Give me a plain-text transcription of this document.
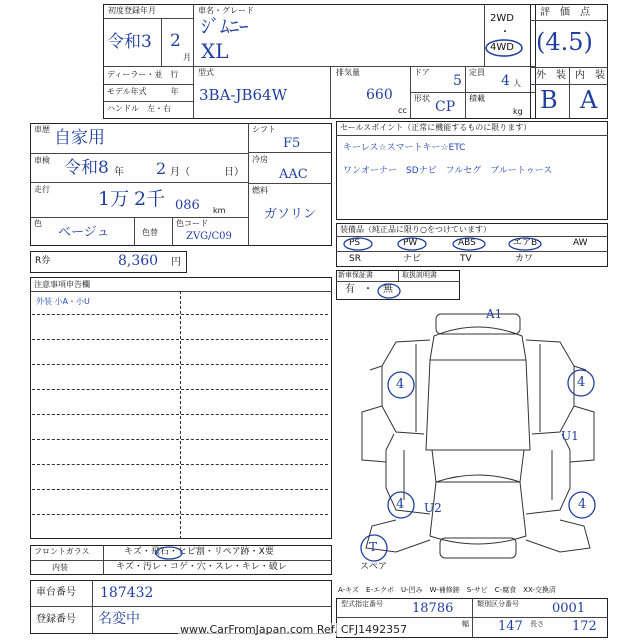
初度登録年月
令和3 2
月
車名・グレード
ｼﾞﾑﾆｰ
XL
2WD
・
4WD
ディーラー・並　行
モデル年式　　　年
ハンドル　左・右
型式
3BA-JB64W
排気量
660
cc
ドア
5
定員
4 人
形状
CP
積載
kg
評　価　点
(4.5)
外　装 内　装
B A
車歴 自家用
車検 令和8 年 2 月（	日）
走行	1万 2千 086 km
色
ベージュ	色替
色コード
ZVG/C09
シフト
F5
冷房
AAC
燃料
ガソリン
R券	8,360 円
セールスポイント（正常に機能するものに限ります）
キーレス☆スマートキー☆ETC
ワンオーナー　SDナビ　フルセグ　ブルートゥース
装備品（純正品に限り○をつけています）
PS	PW	ABS	エアB	AW
SR	ナビ	TV	カワ
新車保証書	取扱説明書
有 ・ 無
注意事項申告欄
外装 小A・小U
A1
U1
U2
4	4
4	4
T
スペア
フロントガラス	キズ・飛石・ヒビ割・リペア跡・X要
内装	キズ・汚レ・コゲ・穴・スレ・キレ・破レ
車台番号 187432
登録番号 名変中
A-キズ　E-エクボ　U-凹み　W-補修跡　S-サビ　C-腐食　XX-交換済
型式指定番号 18786	類別区分番号	0001
幅 147 長さ 172
www.CarFromJapan.com Ref. CFJ1492357
